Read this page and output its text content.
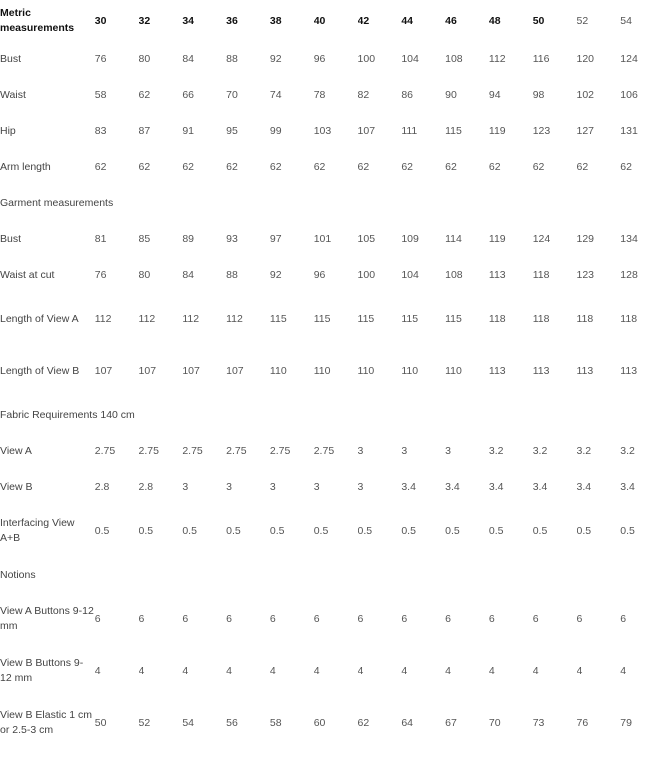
Metric measurements	30	32	34	36	38	40	42	44	46	48	50	52	54
Bust	76	80	84	88	92	96	100	104	108	112	116	120	124
Waist	58	62	66	70	74	78	82	86	90	94	98	102	106
Hip	83	87	91	95	99	103	107	111	115	119	123	127	131
Arm length	62	62	62	62	62	62	62	62	62	62	62	62	62
Garment measurements													
Bust	81	85	89	93	97	101	105	109	114	119	124	129	134
Waist at cut	76	80	84	88	92	96	100	104	108	113	118	123	128
Length of View A	112	112	112	112	115	115	115	115	115	118	118	118	118
Length of View B	107	107	107	107	110	110	110	110	110	113	113	113	113
Fabric Requirements 140 cm													
View A	2.75	2.75	2.75	2.75	2.75	2.75	3	3	3	3.2	3.2	3.2	3.2
View B	2.8	2.8	3	3	3	3	3	3.4	3.4	3.4	3.4	3.4	3.4
Interfacing View A+B	0.5	0.5	0.5	0.5	0.5	0.5	0.5	0.5	0.5	0.5	0.5	0.5	0.5
Notions													
View A Buttons 9-12 mm	6	6	6	6	6	6	6	6	6	6	6	6	6
View B Buttons 9-12 mm	4	4	4	4	4	4	4	4	4	4	4	4	4
View B Elastic 1 cm or 2.5-3 cm	50	52	54	56	58	60	62	64	67	70	73	76	79
